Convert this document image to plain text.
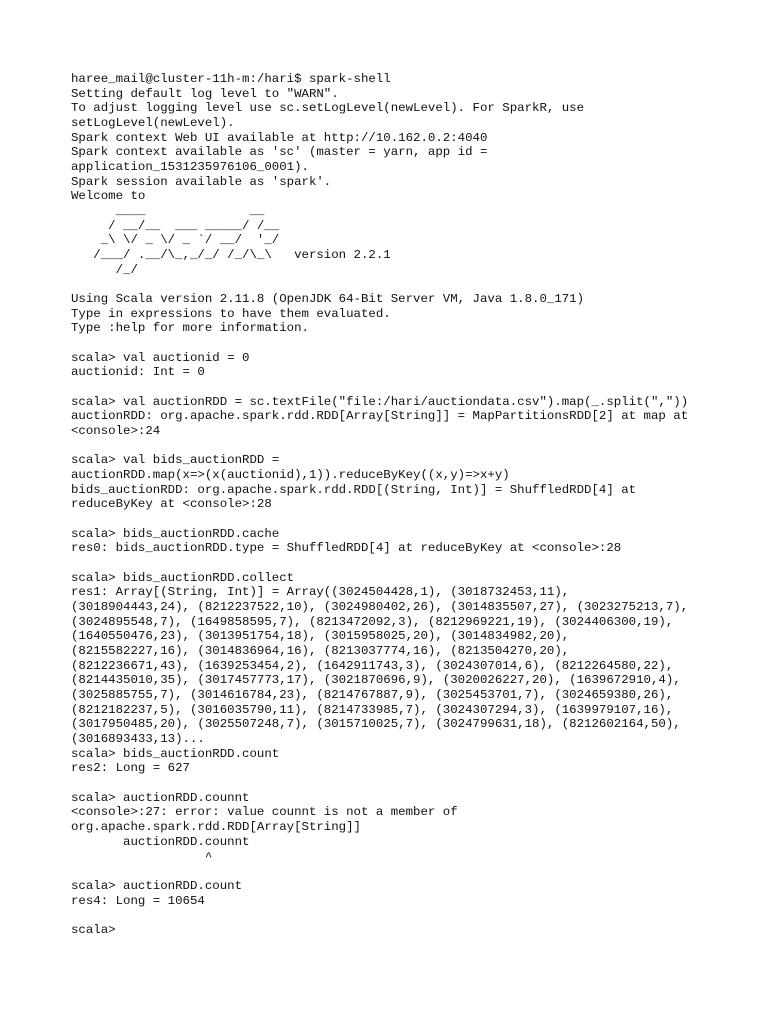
haree_mail@cluster-11h-m:/hari$ spark-shell
Setting default log level to "WARN".
To adjust logging level use sc.setLogLevel(newLevel). For SparkR, use
setLogLevel(newLevel).
Spark context Web UI available at http://10.162.0.2:4040
Spark context available as 'sc' (master = yarn, app id =
application_1531235976106_0001).
Spark session available as 'spark'.
Welcome to
____              __
/ __/__  ___ _____/ /__
_\ \/ _ \/ _ `/ __/  '_/
/___/ .__/\_,_/_/ /_/\_\   version 2.2.1
/_/
Using Scala version 2.11.8 (OpenJDK 64-Bit Server VM, Java 1.8.0_171)
Type in expressions to have them evaluated.
Type :help for more information.
scala> val auctionid = 0
auctionid: Int = 0
scala> val auctionRDD = sc.textFile("file:/hari/auctiondata.csv").map(_.split(","))
auctionRDD: org.apache.spark.rdd.RDD[Array[String]] = MapPartitionsRDD[2] at map at
<console>:24
scala> val bids_auctionRDD =
auctionRDD.map(x=>(x(auctionid),1)).reduceByKey((x,y)=>x+y)
bids_auctionRDD: org.apache.spark.rdd.RDD[(String, Int)] = ShuffledRDD[4] at
reduceByKey at <console>:28
scala> bids_auctionRDD.cache
res0: bids_auctionRDD.type = ShuffledRDD[4] at reduceByKey at <console>:28
scala> bids_auctionRDD.collect
res1: Array[(String, Int)] = Array((3024504428,1), (3018732453,11),
(3018904443,24), (8212237522,10), (3024980402,26), (3014835507,27), (3023275213,7),
(3024895548,7), (1649858595,7), (8213472092,3), (8212969221,19), (3024406300,19),
(1640550476,23), (3013951754,18), (3015958025,20), (3014834982,20),
(8215582227,16), (3014836964,16), (8213037774,16), (8213504270,20),
(8212236671,43), (1639253454,2), (1642911743,3), (3024307014,6), (8212264580,22),
(8214435010,35), (3017457773,17), (3021870696,9), (3020026227,20), (1639672910,4),
(3025885755,7), (3014616784,23), (8214767887,9), (3025453701,7), (3024659380,26),
(8212182237,5), (3016035790,11), (8214733985,7), (3024307294,3), (1639979107,16),
(3017950485,20), (3025507248,7), (3015710025,7), (3024799631,18), (8212602164,50),
(3016893433,13)...
scala> bids_auctionRDD.count
res2: Long = 627
scala> auctionRDD.counnt
<console>:27: error: value counnt is not a member of
org.apache.spark.rdd.RDD[Array[String]]
auctionRDD.counnt
^
scala> auctionRDD.count
res4: Long = 10654
scala>
